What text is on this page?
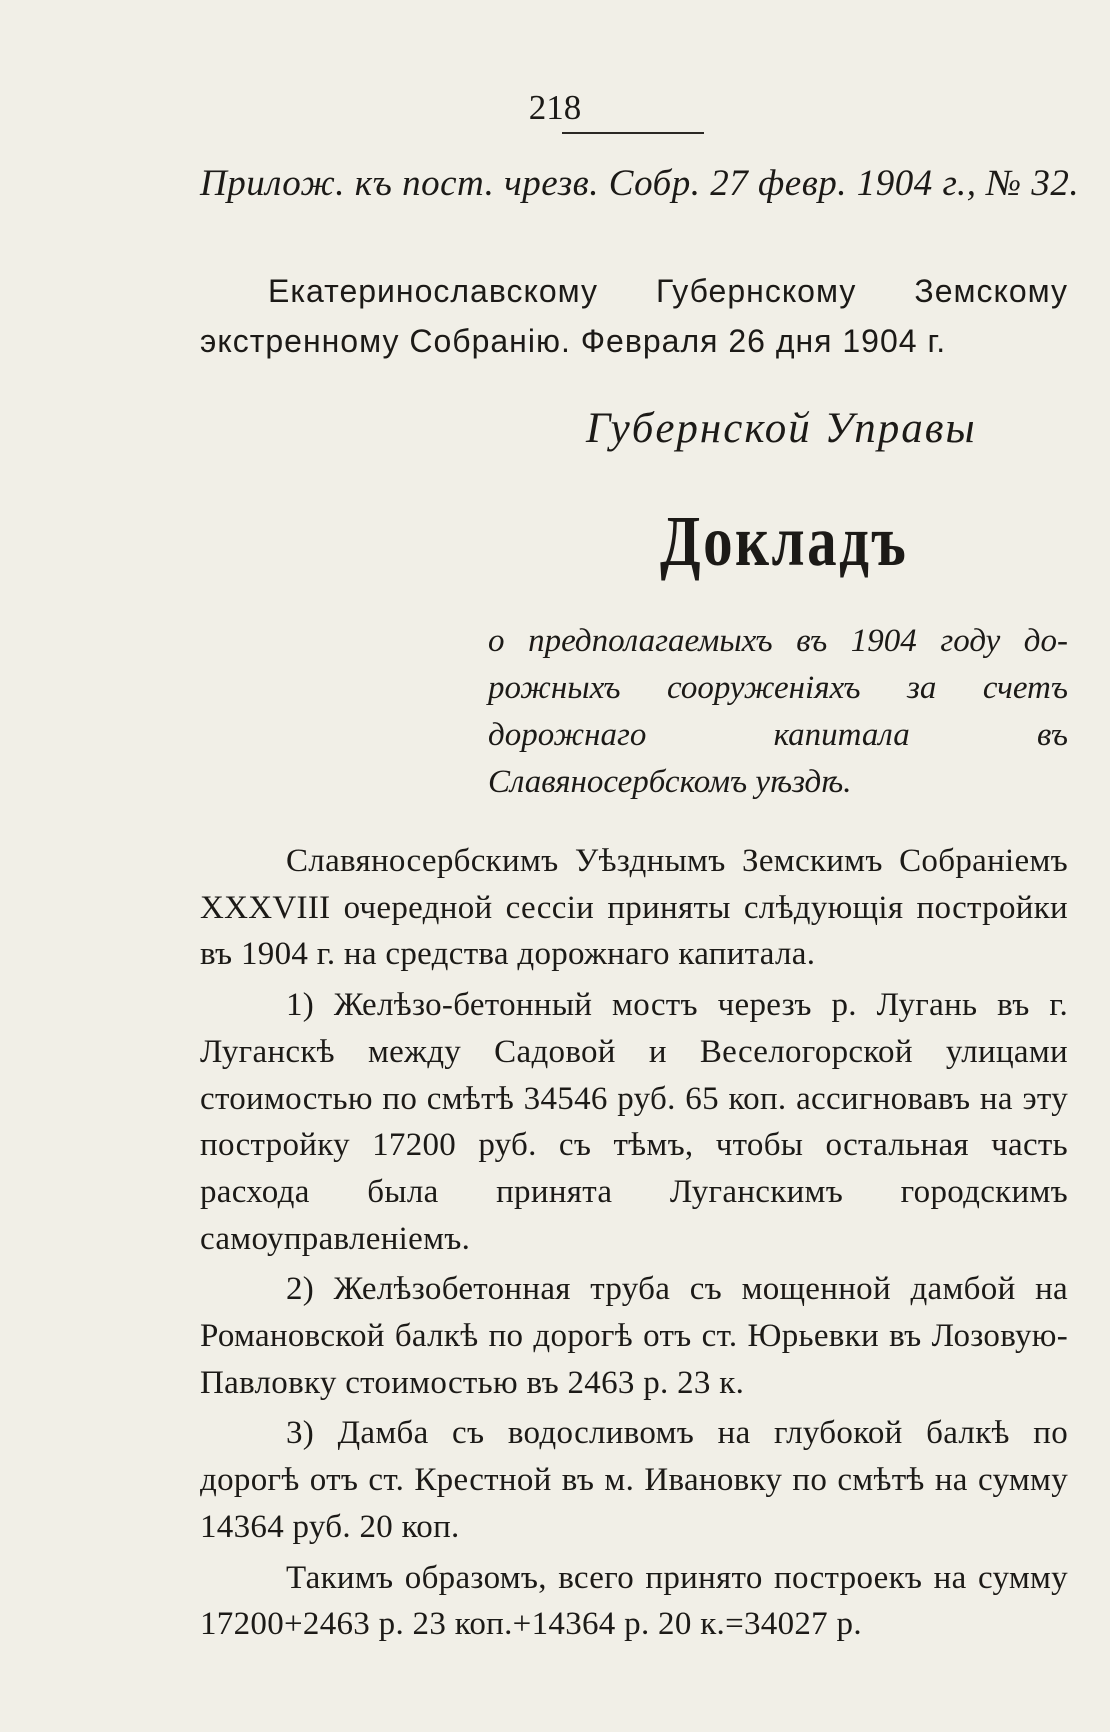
218
Прилож. къ пост. чрезв. Собр. 27 февр. 1904 г., № 32.
Екатеринославскому Губернскому Земскому
экстренному Собранію. Февраля 26 дня 1904 г.
Губернской Управы
Докладъ
о предполагаемыхъ въ 1904 году дорожныхъ сооруженіяхъ за счетъ дорожнаго капитала въ Славяносербскомъ уѣздѣ.

Славяносербскимъ Уѣзднымъ Земскимъ Собраніемъ XXXVIII очередной сессіи приняты слѣдующія постройки въ 1904 г. на средства дорожнаго капитала.

1) Желѣзо-бетонный мостъ черезъ р. Лугань въ г. Луганскѣ между Садовой и Веселогорской улицами стоимостью по смѣтѣ 34546 руб. 65 коп. ассигновавъ на эту постройку 17200 руб. съ тѣмъ, чтобы остальная часть расхода была принята Луганскимъ городскимъ самоуправленіемъ.

2) Желѣзобетонная труба съ мощенной дамбой на Романовской балкѣ по дорогѣ отъ ст. Юрьевки въ Лозовую-Павловку стоимостью въ 2463 р. 23 к.

3) Дамба съ водосливомъ на глубокой балкѣ по дорогѣ отъ ст. Крестной въ м. Ивановку по смѣтѣ на сумму 14364 руб. 20 коп.

Такимъ образомъ, всего принято построекъ на сумму 17200+2463 р. 23 коп.+14364 р. 20 к.=34027 р.
